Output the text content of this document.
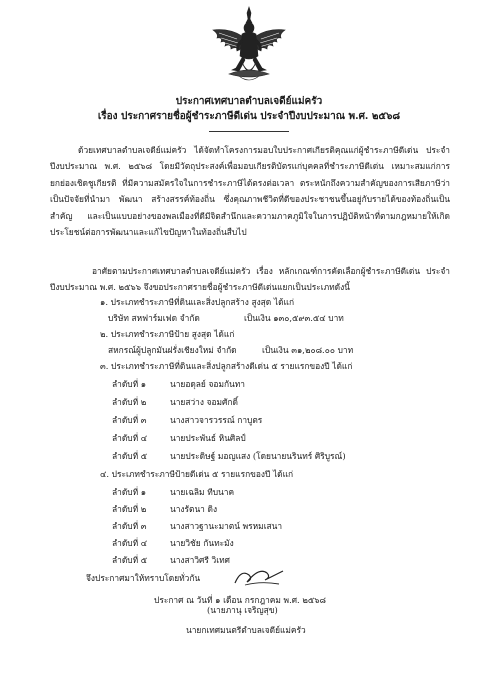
ประกาศเทศบาลตำบลเจดีย์แม่ครัว
เรื่อง ประกาศรายชื่อผู้ชำระภาษีดีเด่น ประจำปีงบประมาณ พ.ศ. ๒๕๖๘

ด้วยเทศบาลตำบลเจดีย์แม่ครัว ได้จัดทำโครงการมอบใบประกาศเกียรติคุณแก่ผู้ชำระภาษีดีเด่น ประจำปีงบประมาณ พ.ศ. ๒๕๖๘ โดยมีวัตถุประสงค์เพื่อมอบเกียรติบัตรแก่บุคคลที่ชำระภาษีดีเด่น เหมาะสมแก่การยกย่องเชิดชูเกียรติ ที่มีความสมัครใจในการชำระภาษีได้ตรงต่อเวลา ตระหนักถึงความสำคัญของการเสียภาษีว่าเป็นปัจจัยที่นำมา พัฒนา สร้างสรรค์ท้องถิ่น ซึ่งคุณภาพชีวิตที่ดีของประชาชนขึ้นอยู่กับรายได้ของท้องถิ่นเป็นสำคัญ และเป็นแบบอย่างของพลเมืองที่ดีมีจิตสำนึกและความภาคภูมิใจในการปฏิบัติหน้าที่ตามกฎหมายให้เกิดประโยชน์ต่อการพัฒนาและแก้ไขปัญหาในท้องถิ่นสืบไป

อาศัยตามประกาศเทศบาลตำบลเจดีย์แม่ครัว เรื่อง หลักเกณฑ์การคัดเลือกผู้ชำระภาษีดีเด่น ประจำปีงบประมาณ พ.ศ. ๒๕๖๖ จึงขอประกาศรายชื่อผู้ชำระภาษีดีเด่นแยกเป็นประเภทดังนี้

๑. ประเภทชำระภาษีที่ดินและสิ่งปลูกสร้าง สูงสุด ได้แก่
บริษัท สหฟาร์มเฟด จำกัด	เป็นเงิน ๑๓๐,๕๙๓.๕๔ บาท
๒. ประเภทชำระภาษีป้าย สูงสุด ได้แก่
สหกรณ์ผู้ปลูกมันฝรั่งเชียงใหม่ จำกัด	เป็นเงิน ๓๑,๒๐๘.๐๐ บาท
๓. ประเภทชำระภาษีที่ดินและสิ่งปลูกสร้างดีเด่น ๕ รายแรกของปี ได้แก่
ลำดับที่ ๑	นายอดุลย์ จอมกันทา
ลำดับที่ ๒	นายสว่าง จอมศักดิ์
ลำดับที่ ๓	นางสาวจารวรรณ์ กาบูตร
ลำดับที่ ๔	นายประพันธ์ หินศิลป์
ลำดับที่ ๕	นายประดิษฐ์ มอญแสง (โดยนายนรินทร์ ศิริบูรณ์)
๔. ประเภทชำระภาษีป้ายดีเด่น ๕ รายแรกของปี ได้แก่
ลำดับที่ ๑	นายเฉลิม ทีบนาค
ลำดับที่ ๒	นางรัตนา ดิง
ลำดับที่ ๓	นางสาวฐานะมาตน์ พรหมเสนา
ลำดับที่ ๔	นายวิชัย กันทะมัง
ลำดับที่ ๕	นางสาวิศรี วิเทศ
จึงประกาศมาให้ทราบโดยทั่วกัน
ประกาศ ณ วันที่ ๑ เดือน กรกฎาคม พ.ศ. ๒๕๖๘
(นายภานุ เจริญสุข)
นายกเทศมนตรีตำบลเจดีย์แม่ครัว
